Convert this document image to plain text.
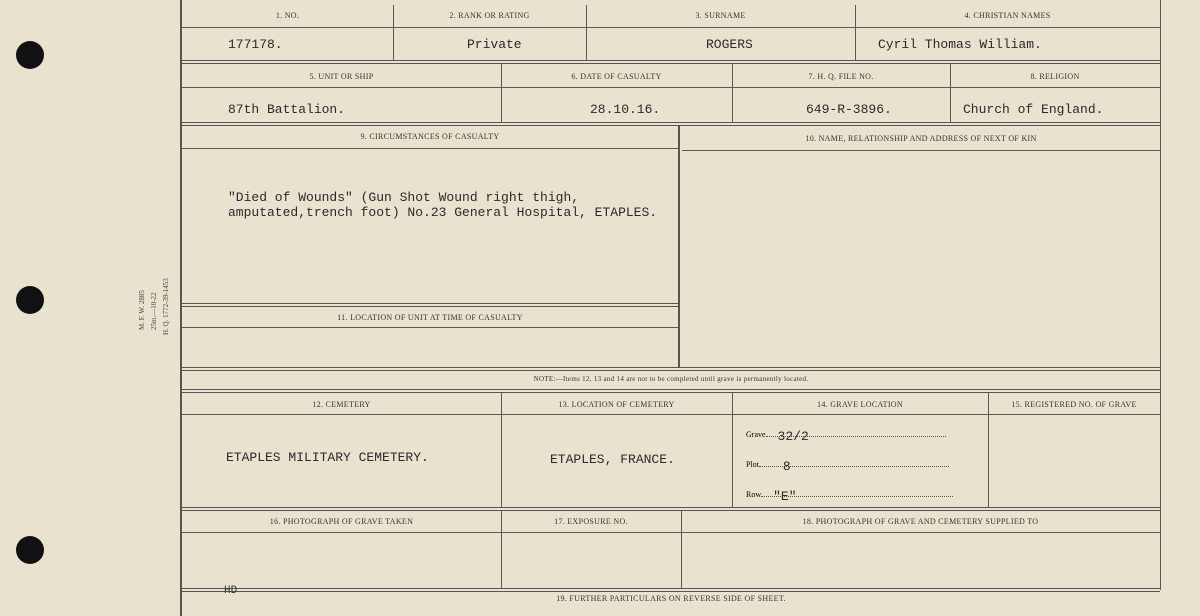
M. F. W. 2885 25m.—10-22 H. Q. 1772-39-1453
1. NO.	2. RANK OR RATING	3. SURNAME	4. CHRISTIAN NAMES
177178.	Private	ROGERS	Cyril Thomas William.
5. UNIT OR SHIP	6. DATE OF CASUALTY	7. H. Q. FILE NO.	8. RELIGION
87th Battalion.	28.10.16.	649-R-3896.	Church of England.
9. CIRCUMSTANCES OF CASUALTY
"Died of Wounds" (Gun Shot Wound right thigh,
amputated,trench foot) No.23 General Hospital, ETAPLES.
10. NAME, RELATIONSHIP AND ADDRESS OF NEXT OF KIN
11. LOCATION OF UNIT AT TIME OF CASUALTY
NOTE:—Items 12, 13 and 14 are not to be completed until grave is permanently located.
12. CEMETERY	13. LOCATION OF CEMETERY	14. GRAVE LOCATION	15. REGISTERED NO. OF GRAVE
ETAPLES MILITARY CEMETERY.	ETAPLES, FRANCE.
Grave 32/2
Plot 8
Row "E"
16. PHOTOGRAPH OF GRAVE TAKEN	17. EXPOSURE NO.	18. PHOTOGRAPH OF GRAVE AND CEMETERY SUPPLIED TO
HD
19. FURTHER PARTICULARS ON REVERSE SIDE OF SHEET.
